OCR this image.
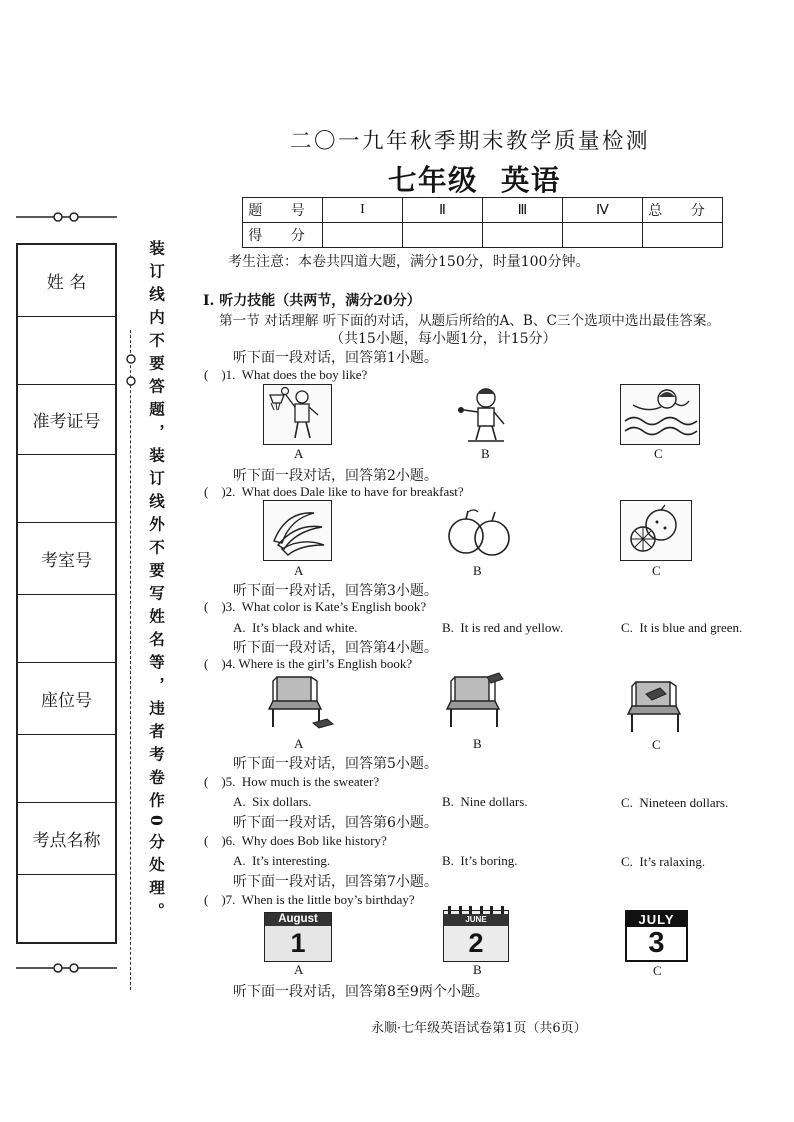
姓 名
准考证号
考室号
座位号
考点名称	装订线内不要答题，装订线外不要写姓名等，违者考卷作0分处理。
二〇一九年秋季期末教学质量检测
七年级  英语
题 号	I	Ⅱ	Ⅲ	Ⅳ	总 分
得 分					
考生注意：本卷共四道大题，满分150分，时量100分钟。
I. 听力技能（共两节，满分20分）
第一节 对话理解 听下面的对话，从题后所给的A、B、C三个选项中选出最佳答案。
（共15小题，每小题1分，计15分）
听下面一段对话，回答第1小题。
(    )1.  What does the boy like?
A	B	C
听下面一段对话，回答第2小题。
(    )2.  What does Dale like to have for breakfast?
A	B	C
听下面一段对话，回答第3小题。
(    )3.  What color is Kate’s English book?
A.  It’s black and white.	B.  It is red and yellow.	C.  It is blue and green.
听下面一段对话，回答第4小题。
(    )4. Where is the girl’s English book?
A	B	C
听下面一段对话，回答第5小题。
(    )5.  How much is the sweater?
A.  Six dollars.	B.  Nine dollars.	C.  Nineteen dollars.
听下面一段对话，回答第6小题。
(    )6.  Why does Bob like history?
A.  It’s interesting.	B.  It’s boring.	C.  It’s ralaxing.
听下面一段对话，回答第7小题。
(    )7.  When is the little boy’s birthday?
August
1
JUNE
2
JULY
3
A	B	C
听下面一段对话，回答第8至9两个小题。
永顺·七年级英语试卷第1页（共6页）
